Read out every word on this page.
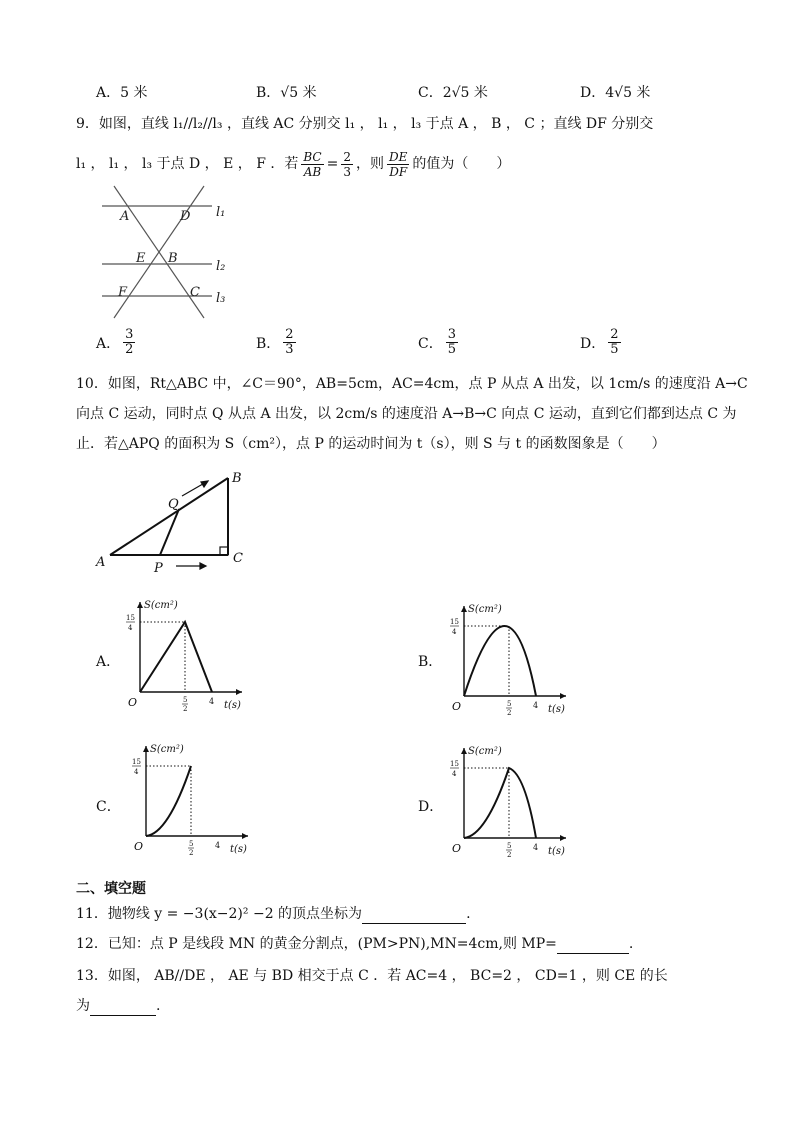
A．5 米	B．√5 米	C．2√5 米	D．4√5 米
9．如图，直线 l₁//l₂//l₃ ，直线 AC 分别交 l₁ ， l₁ ， l₃ 于点 A ， B ， C ；直线 DF 分别交
l₁ ， l₁ ， l₃ 于点 D ， E ， F ．若 $\frac{BC}{AB} = \frac{2}{3}$ ，则 $\frac{DE}{DF}$ 的值为（　　）
A	D l₁
E B
l₂
F	C l₃
A． $\frac{3}{2}$	B． $\frac{2}{3}$	C． $\frac{3}{5}$	D． $\frac{2}{5}$
10．如图，Rt△ABC 中，∠C＝90°，AB=5cm，AC=4cm，点 P 从点 A 出发，以 1cm/s 的速度沿 A→C
向点 C 运动，同时点 Q 从点 A 出发，以 2cm/s 的速度沿 A→B→C 向点 C 运动，直到它们都到达点 C 为
止．若△APQ 的面积为 S（cm²），点 P 的运动时间为 t（s），则 S 与 t 的函数图象是（　　）
A
B
C
P
Q
A．	B．
C．	D．
S(cm²)
t(s)
O
15
4
5
2
4
S(cm²)
t(s)
O
15
4
5
2
4
S(cm²)
t(s)
O
15
4
5
2
4
S(cm²)
t(s)
O
15
4
5
2
4
二、填空题
11．抛物线 y = −3(x−2)² −2 的顶点坐标为	.
12．已知：点 P 是线段 MN 的黄金分割点，(PM>PN),MN=4cm,则 MP=	.
13．如图， AB//DE ， AE 与 BD 相交于点 C ．若 AC=4 ， BC=2 ， CD=1 ，则 CE 的长
为	.
